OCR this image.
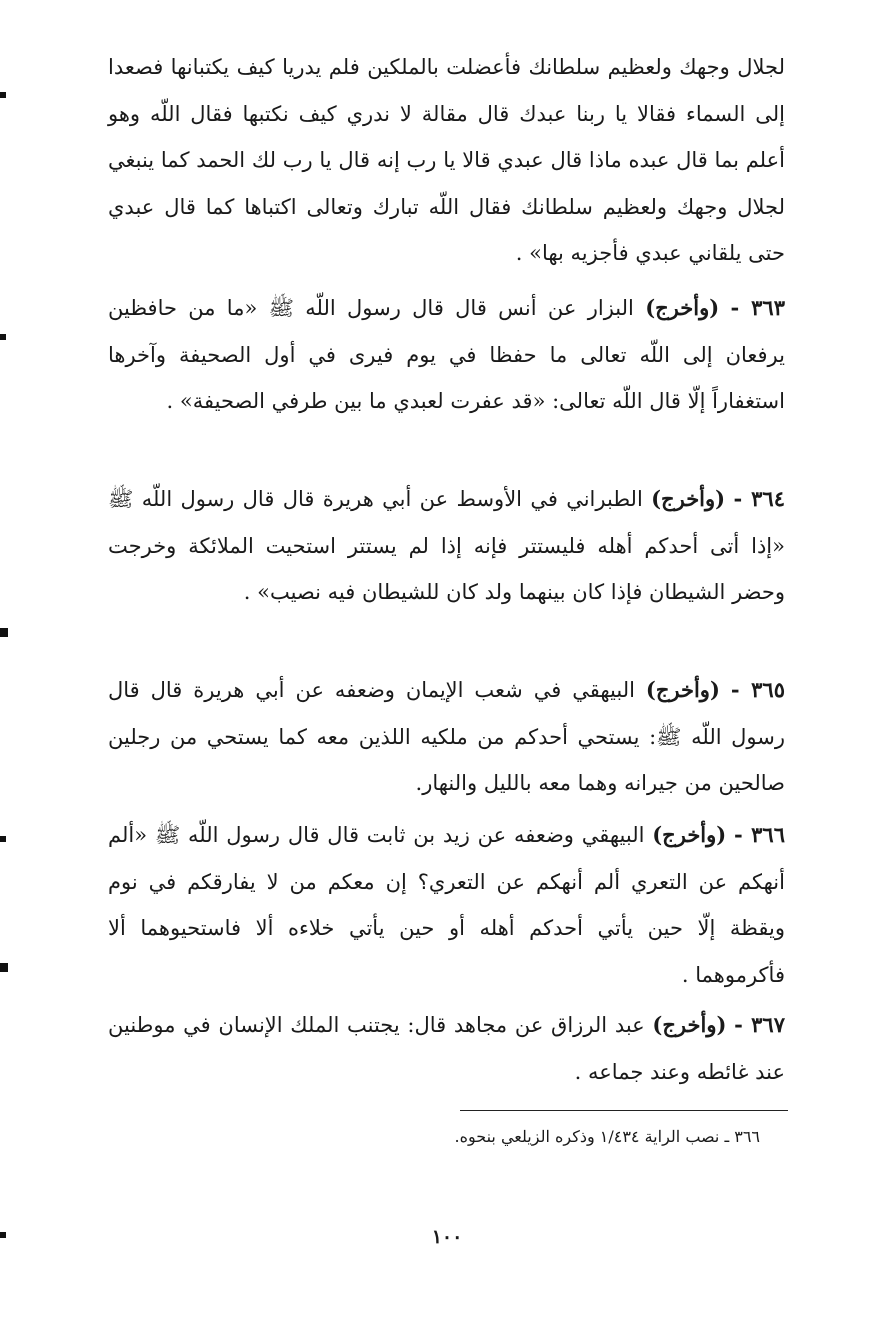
لجلال وجهك ولعظيم سلطانك فأعضلت بالملكين فلم يدريا كيف يكتبانها فصعدا إلى السماء فقالا يا ربنا عبدك قال مقالة لا ندري كيف نكتبها فقال اللّه وهو أعلم بما قال عبده ماذا قال عبدي قالا يا رب إنه قال يا رب لك الحمد كما ينبغي لجلال وجهك ولعظيم سلطانك فقال اللّه تبارك وتعالى اكتباها كما قال عبدي حتى يلقاني عبدي فأجزيه بها» .

٣٦٣ - (وأخرج) البزار عن أنس قال قال رسول اللّه ﷺ «ما من حافظين يرفعان إلى اللّه تعالى ما حفظا في يوم فيرى في أول الصحيفة وآخرها استغفاراً إلّا قال اللّه تعالى: «قد عفرت لعبدي ما بين طرفي الصحيفة» .

٣٦٤ - (وأخرج) الطبراني في الأوسط عن أبي هريرة قال قال رسول اللّه ﷺ «إذا أتى أحدكم أهله فليستتر فإنه إذا لم يستتر استحيت الملائكة وخرجت وحضر الشيطان فإذا كان بينهما ولد كان للشيطان فيه نصيب» .

٣٦٥ - (وأخرج) البيهقي في شعب الإيمان وضعفه عن أبي هريرة قال قال رسول اللّه ﷺ: يستحي أحدكم من ملكيه اللذين معه كما يستحي من رجلين صالحين من جيرانه وهما معه بالليل والنهار.

٣٦٦ - (وأخرج) البيهقي وضعفه عن زيد بن ثابت قال قال رسول اللّه ﷺ «ألم أنهكم عن التعري ألم أنهكم عن التعري؟ إن معكم من لا يفارقكم في نوم ويقظة إلّا حين يأتي أحدكم أهله أو حين يأتي خلاءه ألا فاستحيوهما ألا فأكرموهما .

٣٦٧ - (وأخرج) عبد الرزاق عن مجاهد قال: يجتنب الملك الإنسان في موطنين عند غائطه وعند جماعه .

٣٦٦ ـ نصب الراية ١/٤٣٤ وذكره الزيلعي بنحوه.

١٠٠
